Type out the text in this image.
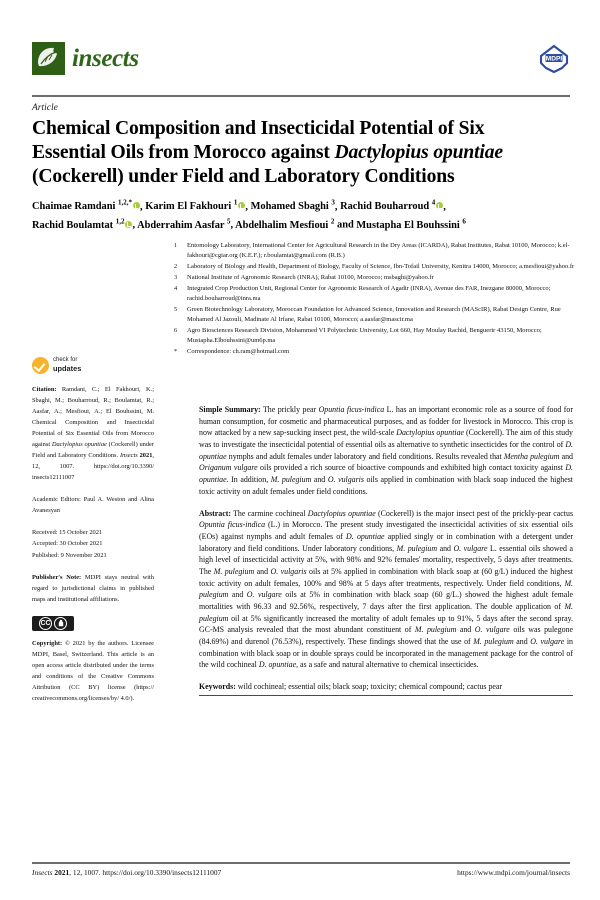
insects	MDPI
Article
Chemical Composition and Insecticidal Potential of Six
Essential Oils from Morocco against Dactylopius opuntiae
(Cockerell) under Field and Laboratory Conditions
Chaimae Ramdani $^{1,2,*}$ , Karim El Fakhouri $^1$ , Mohamed Sbaghi $^3$, Rachid Bouharroud $^4$ ,
Rachid Boulamtat $^{1,2}$ , Abderrahim Aasfar $^5$, Abdelhalim Mesfioui $^2$ and Mustapha El Bouhssini $^6$
1	Entomology Laboratory, International Center for Agricultural Research in the Dry Areas (ICARDA), Rabat Institutes, Rabat 10100, Morocco; k.el-fakhouri@cgiar.org (K.E.F.); r.boulamtat@gmail.com (R.B.)
2	Laboratory of Biology and Health, Department of Biology, Faculty of Science, Ibn-Tofail University, Kenitra 14000, Morocco; a.mesfioui@yahoo.fr
3	National Institute of Agronomic Research (INRA), Rabat 10100, Morocco; msbaghi@yahoo.fr
4	Integrated Crop Production Unit, Regional Center for Agronomic Research of Agadir (INRA), Avenue des FAR, Inezgane 80000, Morocco; rachid.bouharroud@inra.ma
5	Green Biotechnology Laboratory, Moroccan Foundation for Advanced Science, Innovation and Research (MAScIR), Rabat Design Centre, Rue Mohamed Al Jazouli, Madinate Al Irfane, Rabat 10100, Morocco; a.aasfar@mascir.ma
6	Agro Biosciences Research Division, Mohammed VI Polytechnic University, Lot 660, Hay Moulay Rachid, Benguerir 43150, Morocco; Mustapha.Elbouhssini@um6p.ma
*	Correspondence: ch.ram@hotmail.com
check for
updates
Citation: Ramdani, C.; El Fakhouri, K.; Sbaghi, M.; Bouharroud, R.; Boulamtat, R.; Aasfar, A.; Mesfioui, A.; El Bouhssini, M. Chemical Composition and Insecticidal Potential of Six Essential Oils from Morocco against Dactylopius opuntiae (Cockerell) under Field and Laboratory Conditions. Insects 2021, 12, 1007. https://doi.org/10.3390/ insects12111007
Academic Editors: Paul A. Weston and Alina Avanesyan
Received: 15 October 2021
Accepted: 30 October 2021
Published: 9 November 2021
Publisher's Note: MDPI stays neutral with regard to jurisdictional claims in published maps and institutional affiliations.
CC
Copyright: © 2021 by the authors. Licensee MDPI, Basel, Switzerland. This article is an open access article distributed under the terms and conditions of the Creative Commons Attribution (CC BY) license (https:// creativecommons.org/licenses/by/ 4.0/).

Simple Summary: The prickly pear Opuntia ficus-indica L. has an important economic role as a source of food for human consumption, for cosmetic and pharmaceutical purposes, and as fodder for livestock in Morocco. This crop is now attacked by a new sap-sucking insect pest, the wild-scale Dactylopius opuntiae (Cockerell). The aim of this study was to investigate the insecticidal potential of essential oils as alternative to synthetic insecticides for the control of D. opuntiae nymphs and adult females under laboratory and field conditions. Results revealed that Mentha pulegium and Origanum vulgare oils provided a rich source of bioactive compounds and exhibited high contact toxicity against D. opuntiae. In addition, M. pulegium and O. vulgaris oils applied in combination with black soap induced the highest toxic activity on adult females under field conditions.

Abstract: The carmine cochineal Dactylopius opuntiae (Cockerell) is the major insect pest of the prickly-pear cactus Opuntia ficus-indica (L.) in Morocco. The present study investigated the insecticidal activities of six essential oils (EOs) against nymphs and adult females of D. opuntiae applied singly or in combination with a detergent under laboratory and field conditions. Under laboratory conditions, M. pulegium and O. vulgare L. essential oils showed a high level of insecticidal activity at 5%, with 98% and 92% females' mortality, respectively, 5 days after treatments. The M. pulegium and O. vulgaris oils at 5% applied in combination with black soap at (60 g/L) induced the highest toxic activity on adult females, 100% and 98% at 5 days after treatments, respectively. Under field conditions, M. pulegium and O. vulgare oils at 5% in combination with black soap (60 g/L.) showed the highest adult female mortalities with 96.33 and 92.56%, respectively, 7 days after the first application. The double application of M. pulegium oil at 5% significantly increased the mortality of adult females up to 91%, 5 days after the second spray. GC-MS analysis revealed that the most abundant constituent of M. pulegium and O. vulgare oils was pulegone (84.69%) and durenol (76.53%), respectively. These findings showed that the use of M. pulegium and O. vulgare in combination with black soap or in double sprays could be incorporated in the management package for the control of the wild cochineal D. opuntiae, as a safe and natural alternative to chemical insecticides.

Keywords: wild cochineal; essential oils; black soap; toxicity; chemical compound; cactus pear

Insects 2021, 12, 1007. https://doi.org/10.3390/insects12111007	https://www.mdpi.com/journal/insects
